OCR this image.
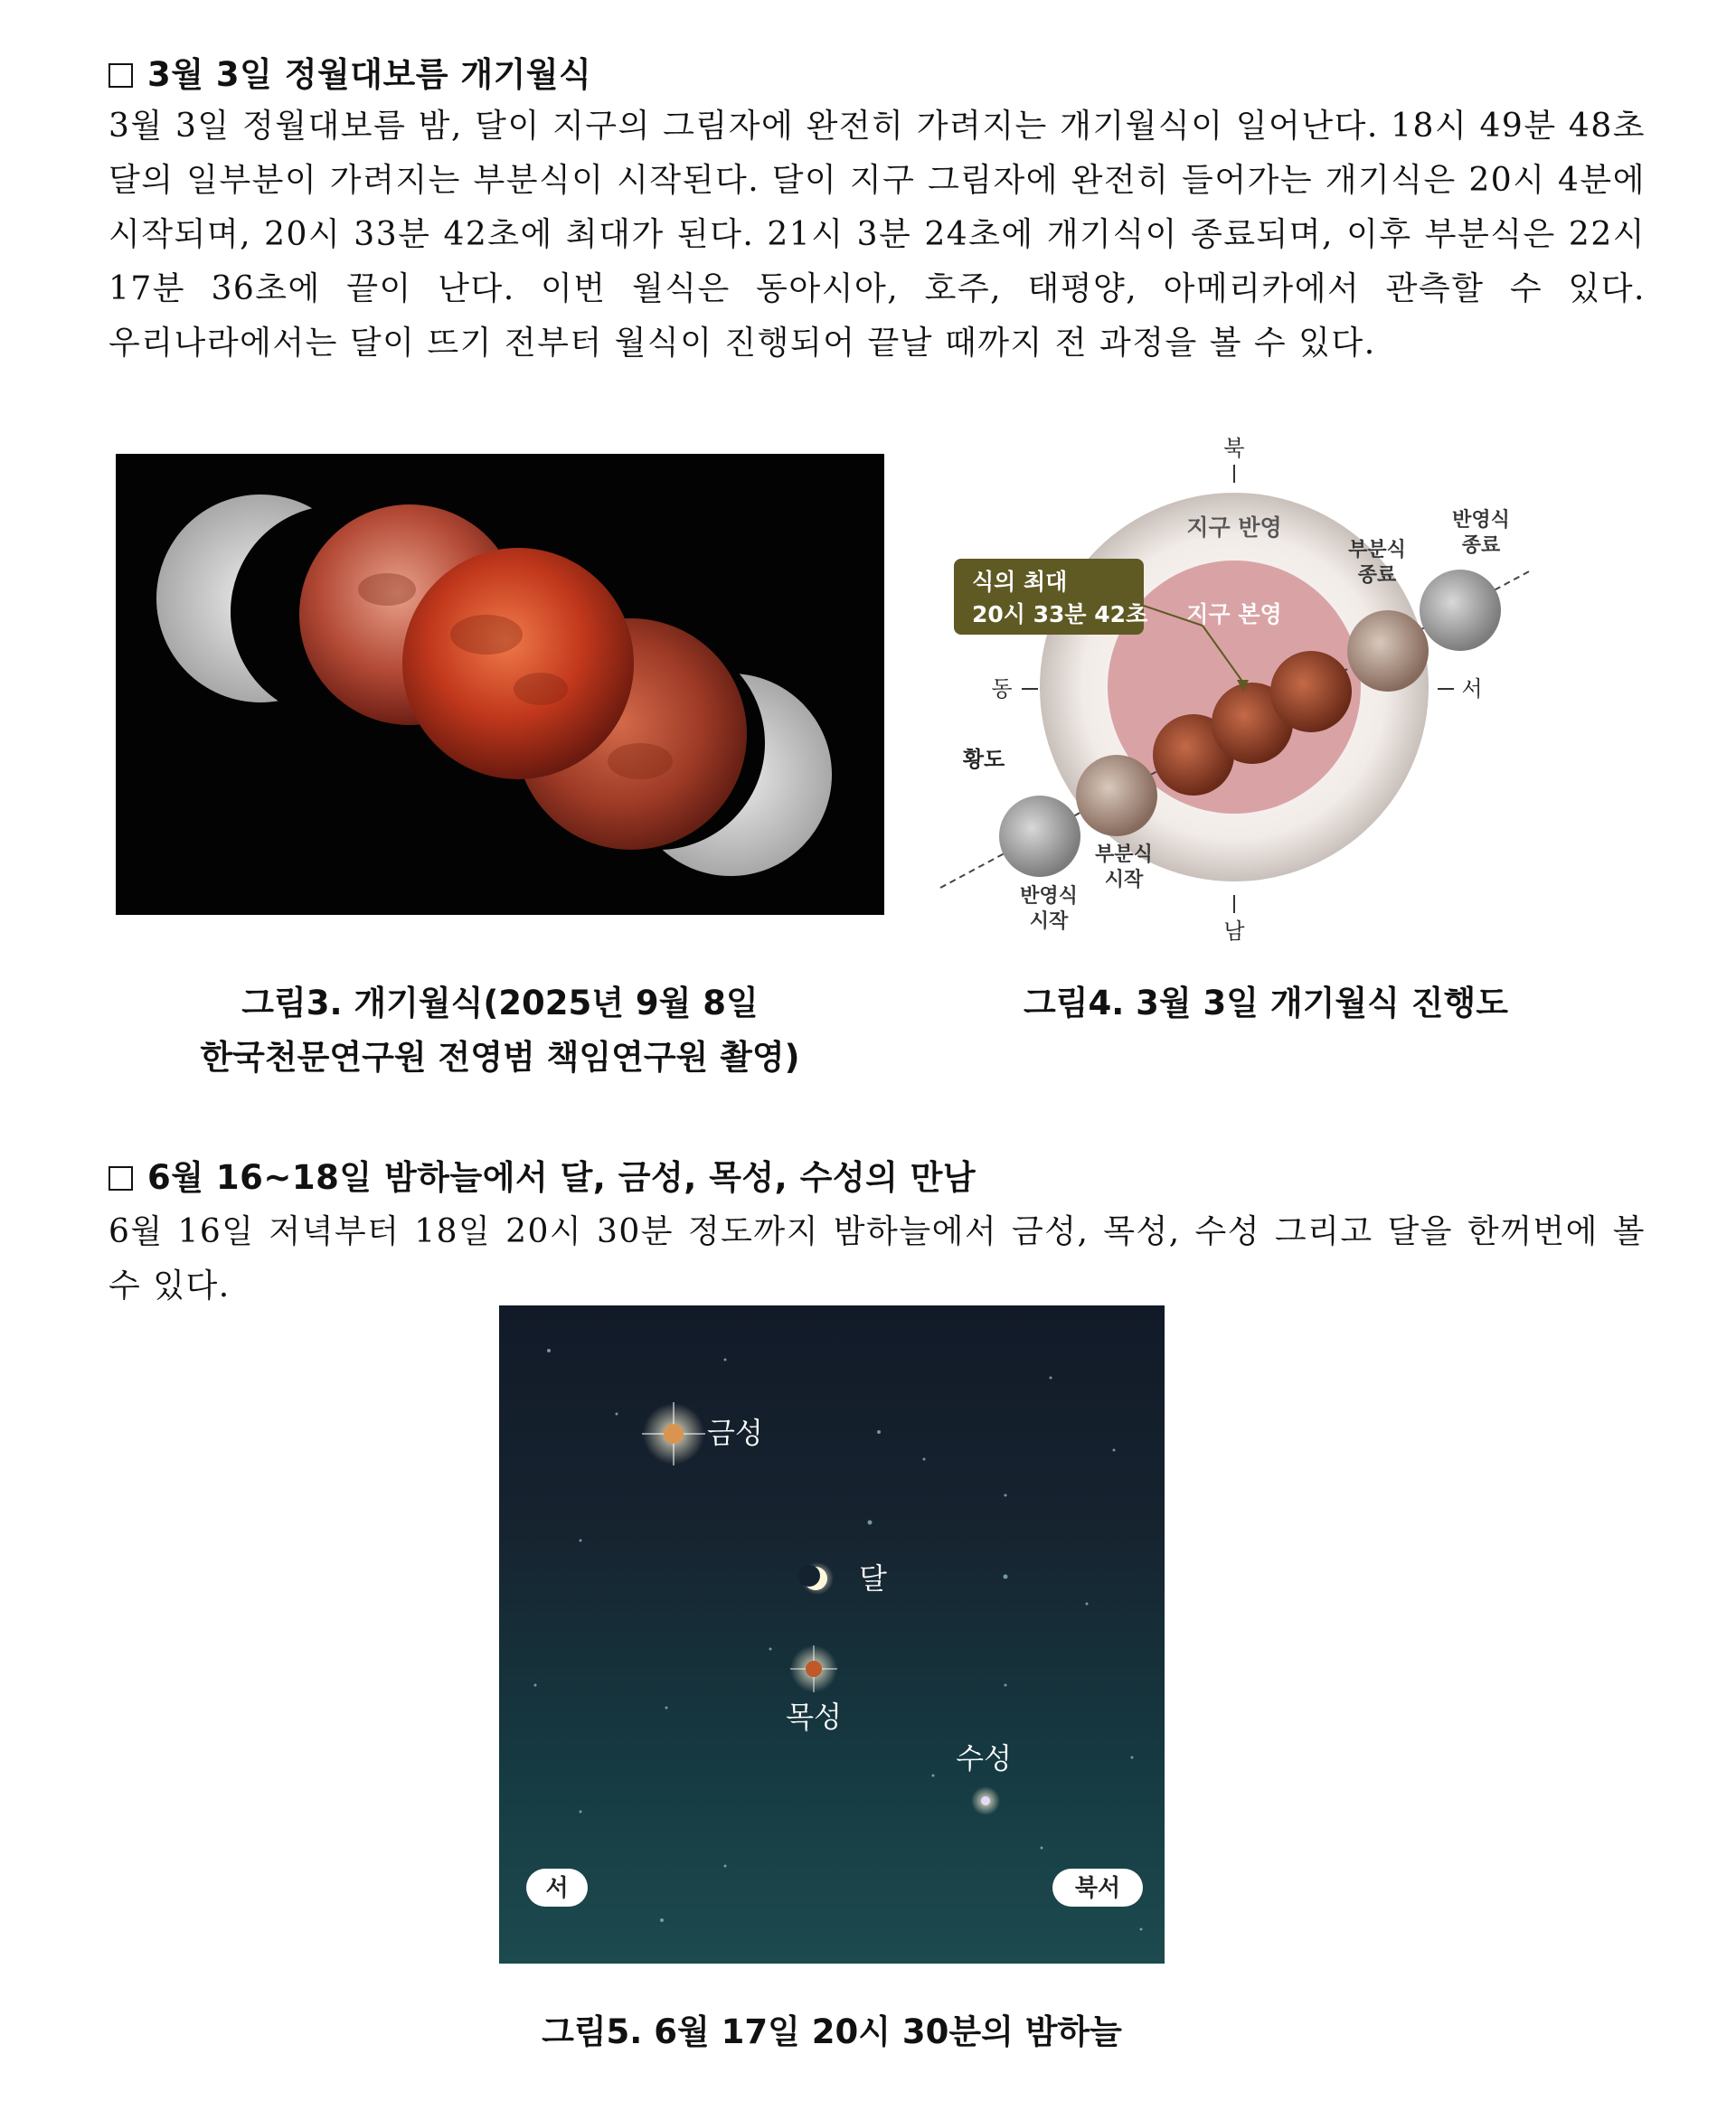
3월 3일 정월대보름 개기월식
3월 3일 정월대보름 밤, 달이 지구의 그림자에 완전히 가려지는 개기월식이 일어난다. 18시 49분 48초 달의 일부분이 가려지는 부분식이 시작된다. 달이 지구 그림자에 완전히 들어가는 개기식은 20시 4분에 시작되며, 20시 33분 42초에 최대가 된다. 21시 3분 24초에 개기식이 종료되며, 이후 부분식은 22시 17분 36초에 끝이 난다. 이번 월식은 동아시아, 호주, 태평양, 아메리카에서 관측할 수 있다. 우리나라에서는 달이 뜨기 전부터 월식이 진행되어 끝날 때까지 전 과정을 볼 수 있다.
그림3. 개기월식(2025년 9월 8일
한국천문연구원 전영범 책임연구원 촬영)
북
남
동	서
지구 반영
지구 본영
황도
식의 최대
20시 33분 42초
반영식
종료
부분식
종료
부분식
시작
반영식
시작
그림4. 3월 3일 개기월식 진행도
6월 16~18일 밤하늘에서 달, 금성, 목성, 수성의 만남
6월 16일 저녁부터 18일 20시 30분 정도까지 밤하늘에서 금성, 목성, 수성 그리고 달을 한꺼번에 볼 수 있다.
금성
달
목성
수성
서	북서
그림5. 6월 17일 20시 30분의 밤하늘
